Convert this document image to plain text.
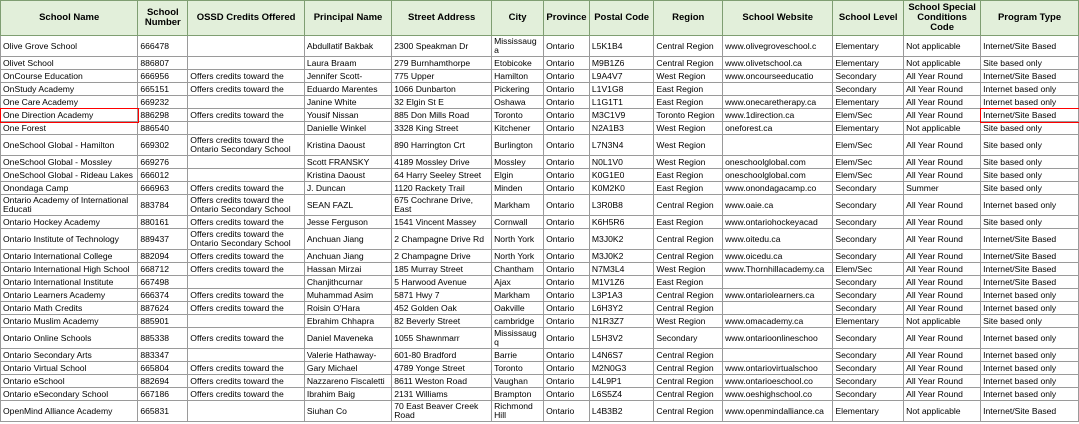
School Name	School Number	OSSD Credits Offered	Principal Name	Street Address	City	Province	Postal Code	Region	School Website	School Level	School Special Conditions Code	Program Type
Olive Grove School	666478		Abdullatif Bakbak	2300 Speakman Dr	Mississauga	Ontario	L5K1B4	Central Region	www.olivegroveschool.c	Elementary	Not applicable	Internet/Site Based
Olivet School	886807		Laura Braam	279 Burnhamthorpe	Etobicoke	Ontario	M9B1Z6	Central Region	www.olivetschool.ca	Elementary	Not applicable	Site based only
OnCourse Education	666956	Offers credits toward the	Jennifer Scott-	775 Upper	Hamilton	Ontario	L9A4V7	West Region	www.oncourseeducatio	Secondary	All Year Round	Internet/Site Based
OnStudy Academy	665151	Offers credits toward the	Eduardo Marentes	1066 Dunbarton	Pickering	Ontario	L1V1G8	East Region		Secondary	All Year Round	Internet based only
One Care Academy	669232		Janine White	32 Elgin St E	Oshawa	Ontario	L1G1T1	East Region	www.onecaretherapy.ca	Elementary	All Year Round	Internet based only
One Direction Academy	886298	Offers credits toward the	Yousif Nissan	885 Don Mills Road	Toronto	Ontario	M3C1V9	Toronto Region	www.1direction.ca	Elem/Sec	All Year Round	Internet/Site Based
One Forest	886540		Danielle Winkel	3328 King Street	Kitchener	Ontario	N2A1B3	West Region	oneforest.ca	Elementary	Not applicable	Site based only
OneSchool Global - Hamilton	669302	Offers credits toward the Ontario Secondary School	Kristina Daoust	890 Harrington Crt	Burlington	Ontario	L7N3N4	West Region		Elem/Sec	All Year Round	Site based only
OneSchool Global - Mossley	669276		Scott FRANSKY	4189 Mossley Drive	Mossley	Ontario	N0L1V0	West Region	oneschoolglobal.com	Elem/Sec	All Year Round	Site based only
OneSchool Global - Rideau Lakes	666012		Kristina Daoust	64 Harry Seeley Street	Elgin	Ontario	K0G1E0	East Region	oneschoolglobal.com	Elem/Sec	All Year Round	Site based only
Onondaga Camp	666963	Offers credits toward the	J. Duncan	1120 Rackety Trail	Minden	Ontario	K0M2K0	East Region	www.onondagacamp.co	Secondary	Summer	Site based only
Ontario Academy of International Educati	883784	Offers credits toward the Ontario Secondary School	SEAN FAZL	675 Cochrane Drive, East	Markham	Ontario	L3R0B8	Central Region	www.oaie.ca	Secondary	All Year Round	Internet based only
Ontario Hockey Academy	880161	Offers credits toward the	Jesse Ferguson	1541 Vincent Massey	Cornwall	Ontario	K6H5R6	East Region	www.ontariohockeyacad	Secondary	All Year Round	Site based only
Ontario Institute of Technology	889437	Offers credits toward the Ontario Secondary School	Anchuan Jiang	2 Champagne Drive Rd	North York	Ontario	M3J0K2	Central Region	www.oitedu.ca	Secondary	All Year Round	Internet/Site Based
Ontario International College	882094	Offers credits toward the	Anchuan Jiang	2 Champagne Drive	North York	Ontario	M3J0K2	Central Region	www.oicedu.ca	Secondary	All Year Round	Internet/Site Based
Ontario International High School	668712	Offers credits toward the	Hassan Mirzai	185 Murray Street	Chantham	Ontario	N7M3L4	West Region	www.Thornhillacademy.ca	Elem/Sec	All Year Round	Internet/Site Based
Ontario International Institute	667498		Chanjithcurnar	5 Harwood Avenue	Ajax	Ontario	M1V1Z6	East Region		Secondary	All Year Round	Internet/Site Based
Ontario Learners Academy	666374	Offers credits toward the	Muhammad Asim	5871 Hwy 7	Markham	Ontario	L3P1A3	Central Region	www.ontariolearners.ca	Secondary	All Year Round	Internet based only
Ontario Math Credits	887624	Offers credits toward the	Roisin O'Hara	452 Golden Oak	Oakville	Ontario	L6H3Y2	Central Region		Secondary	All Year Round	Internet based only
Ontario Muslim Academy	885901		Ebrahim Chhapra	82 Beverly Street	cambridge	Ontario	N1R3Z7	West Region	www.omacademy.ca	Elementary	Not applicable	Site based only
Ontario Online Schools	885338	Offers credits toward the	Daniel Maveneka	1055 Shawnmarr	Mississaugq	Ontario	L5H3V2	Secondary	www.ontarioonlineschoo	Secondary	All Year Round	Internet based only
Ontario Secondary Arts	883347		Valerie Hathaway-	601-80 Bradford	Barrie	Ontario	L4N6S7	Central Region		Secondary	All Year Round	Internet based only
Ontario Virtual School	665804	Offers credits toward the	Gary Michael	4789 Yonge Street	Toronto	Ontario	M2N0G3	Central Region	www.ontariovirtualschoo	Secondary	All Year Round	Internet based only
Ontario eSchool	882694	Offers credits toward the	Nazzareno Fiscaletti	8611 Weston Road	Vaughan	Ontario	L4L9P1	Central Region	www.ontarioeschool.co	Secondary	All Year Round	Internet based only
Ontario eSecondary School	667186	Offers credits toward the	Ibrahim Baig	2131 Williams	Brampton	Ontario	L6S5Z4	Central Region	www.oeshighschool.co	Secondary	All Year Round	Internet based only
OpenMind Alliance Academy	665831		Siuhan Co	70 East Beaver Creek Road	Richmond Hill	Ontario	L4B3B2	Central Region	www.openmindalliance.ca	Elementary	Not applicable	Internet/Site Based
